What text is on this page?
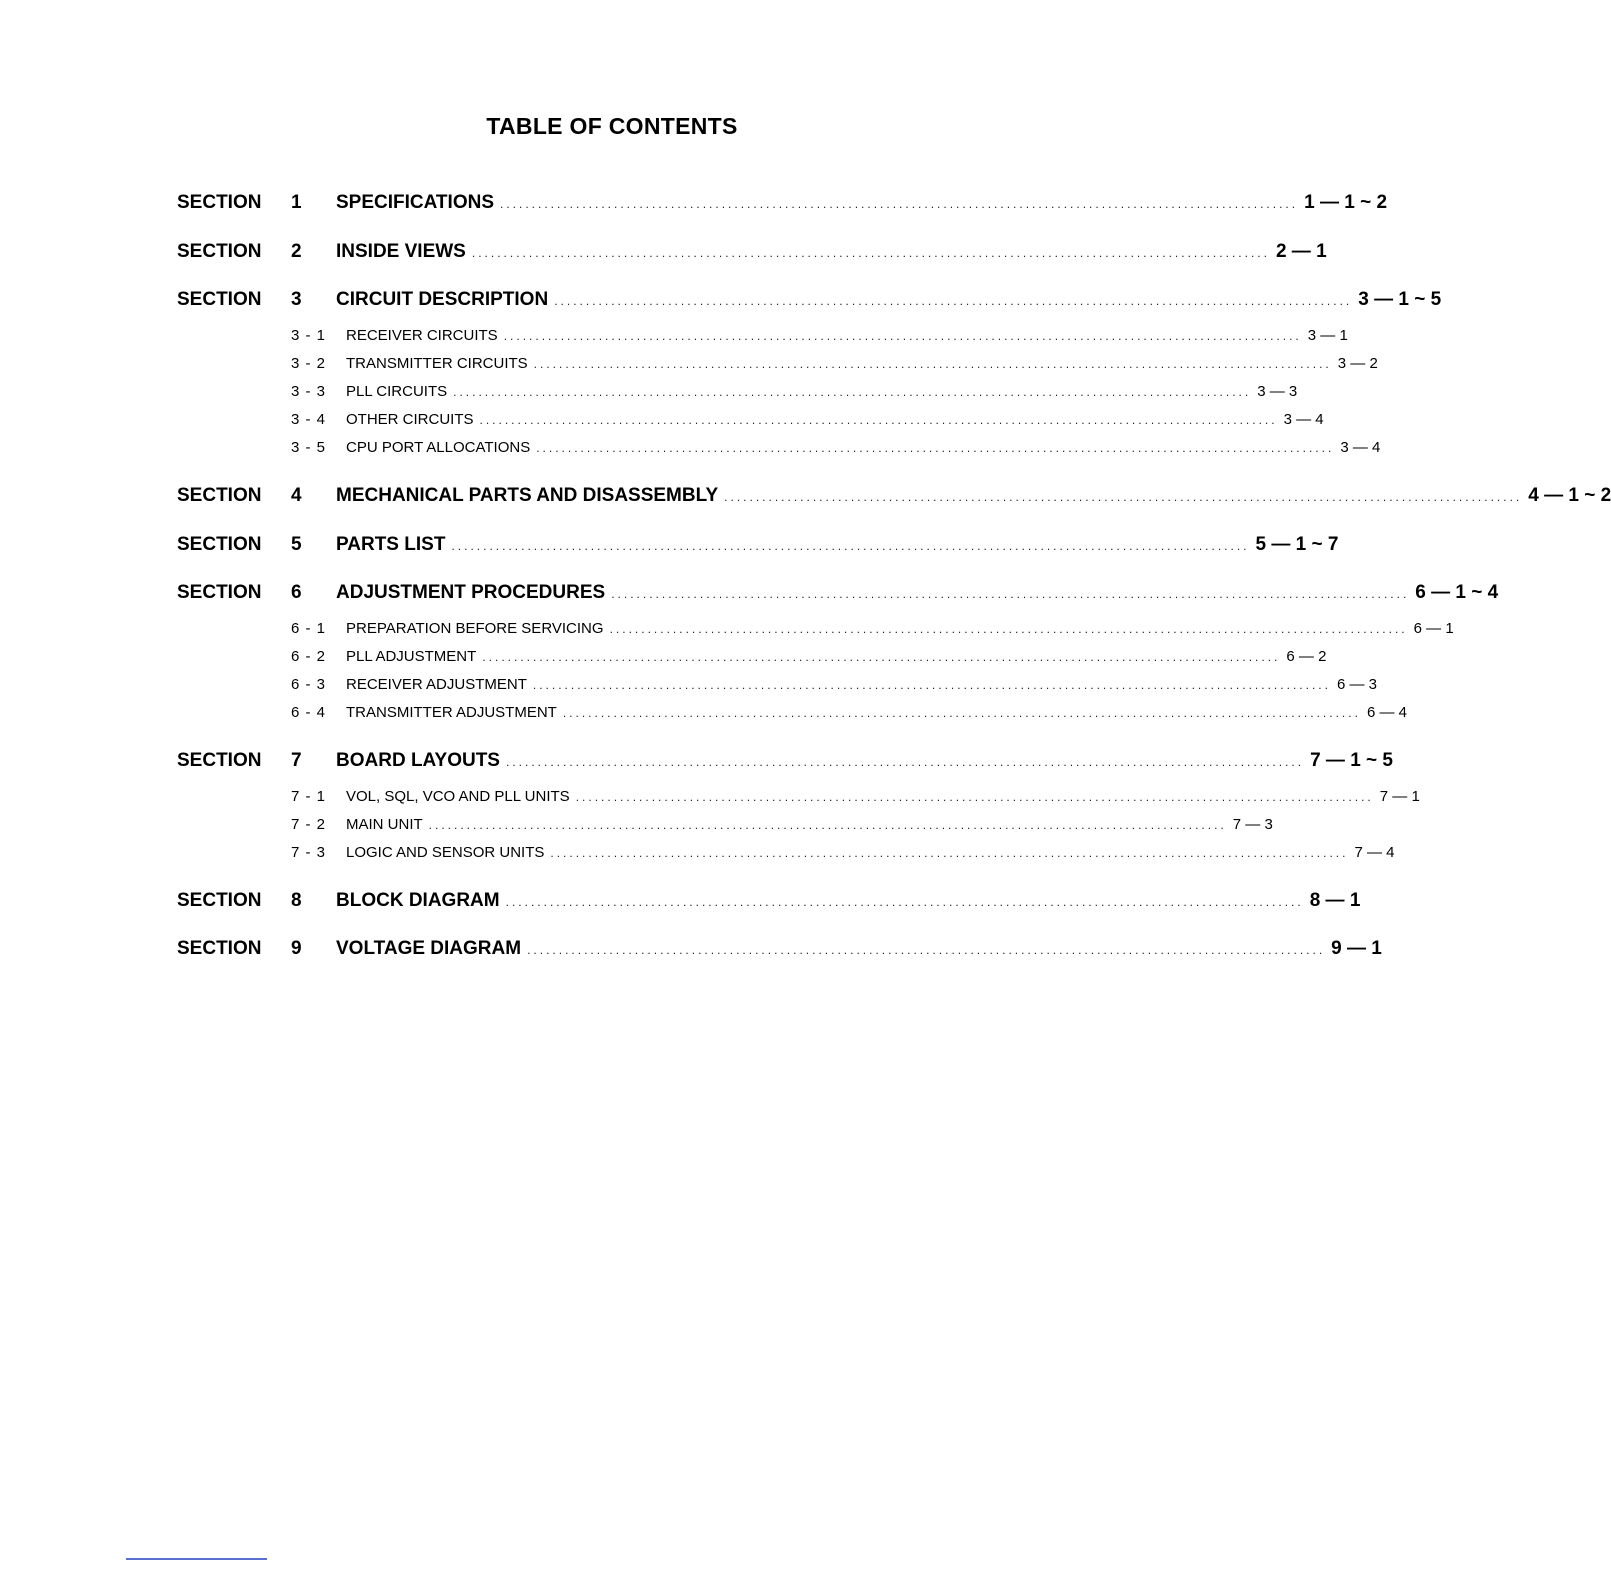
TABLE OF CONTENTS
SECTION 1 SPECIFICATIONS .............................................................................................................................. 1 — 1 ~ 2
SECTION 2 INSIDE VIEWS .............................................................................................................................. 2 — 1
SECTION 3 CIRCUIT DESCRIPTION .............................................................................................................................. 3 — 1 ~ 5
3 - 1 RECEIVER CIRCUITS .............................................................................................................................. 3 — 1
3 - 2 TRANSMITTER CIRCUITS .............................................................................................................................. 3 — 2
3 - 3 PLL CIRCUITS .............................................................................................................................. 3 — 3
3 - 4 OTHER CIRCUITS .............................................................................................................................. 3 — 4
3 - 5 CPU PORT ALLOCATIONS .............................................................................................................................. 3 — 4
SECTION 4 MECHANICAL PARTS AND DISASSEMBLY .............................................................................................................................. 4 — 1 ~ 2
SECTION 5 PARTS LIST .............................................................................................................................. 5 — 1 ~ 7
SECTION 6 ADJUSTMENT PROCEDURES .............................................................................................................................. 6 — 1 ~ 4
6 - 1 PREPARATION BEFORE SERVICING .............................................................................................................................. 6 — 1
6 - 2 PLL ADJUSTMENT .............................................................................................................................. 6 — 2
6 - 3 RECEIVER ADJUSTMENT .............................................................................................................................. 6 — 3
6 - 4 TRANSMITTER ADJUSTMENT .............................................................................................................................. 6 — 4
SECTION 7 BOARD LAYOUTS .............................................................................................................................. 7 — 1 ~ 5
7 - 1 VOL, SQL, VCO AND PLL UNITS .............................................................................................................................. 7 — 1
7 - 2 MAIN UNIT .............................................................................................................................. 7 — 3
7 - 3 LOGIC AND SENSOR UNITS .............................................................................................................................. 7 — 4
SECTION 8 BLOCK DIAGRAM .............................................................................................................................. 8 — 1
SECTION 9 VOLTAGE DIAGRAM .............................................................................................................................. 9 — 1
